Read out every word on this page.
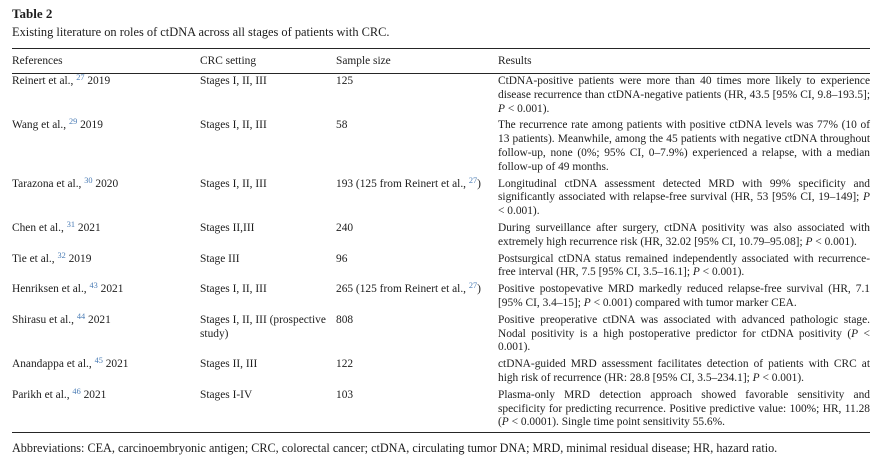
Table 2
Existing literature on roles of ctDNA across all stages of patients with CRC.
References	CRC setting	Sample size	Results
Reinert et al., $^{27}$ 2019	Stages I, II, III	125	CtDNA-positive patients were more than 40 times more likely to experience disease recurrence than ctDNA-negative patients (HR, 43.5 [95% CI, 9.8–193.5]; P < 0.001).
Wang et al., $^{29}$ 2019	Stages I, II, III	58	The recurrence rate among patients with positive ctDNA levels was 77% (10 of 13 patients). Meanwhile, among the 45 patients with negative ctDNA throughout follow-up, none (0%; 95% CI, 0–7.9%) experienced a relapse, with a median follow-up of 49 months.
Tarazona et al., $^{30}$ 2020	Stages I, II, III	193 (125 from Reinert et al., $^{27}$)	Longitudinal ctDNA assessment detected MRD with 99% specificity and significantly associated with relapse-free survival (HR, 53 [95% CI, 19–149]; P < 0.001).
Chen et al., $^{31}$ 2021	Stages II,III	240	During surveillance after surgery, ctDNA positivity was also associated with extremely high recurrence risk (HR, 32.02 [95% CI, 10.79–95.08]; P < 0.001).
Tie et al., $^{32}$ 2019	Stage III	96	Postsurgical ctDNA status remained independently associated with recurrence-free interval (HR, 7.5 [95% CI, 3.5–16.1]; P < 0.001).
Henriksen et al., $^{43}$ 2021	Stages I, II, III	265 (125 from Reinert et al., $^{27}$)	Positive postopevative MRD markedly reduced relapse-free survival (HR, 7.1 [95% CI, 3.4–15]; P < 0.001) compared with tumor marker CEA.
Shirasu et al., $^{44}$ 2021	Stages I, II, III (prospective study)	808	Positive preoperative ctDNA was associated with advanced pathologic stage. Nodal positivity is a high postoperative predictor for ctDNA positivity (P < 0.001).
Anandappa et al., $^{45}$ 2021	Stages II, III	122	ctDNA-guided MRD assessment facilitates detection of patients with CRC at high risk of recurrence (HR: 28.8 [95% CI, 3.5–234.1]; P < 0.001).
Parikh et al., $^{46}$ 2021	Stages I-IV	103	Plasma-only MRD detection approach showed favorable sensitivity and specificity for predicting recurrence. Positive predictive value: 100%; HR, 11.28 (P < 0.0001). Single time point sensitivity 55.6%.
Abbreviations: CEA, carcinoembryonic antigen; CRC, colorectal cancer; ctDNA, circulating tumor DNA; MRD, minimal residual disease; HR, hazard ratio.
